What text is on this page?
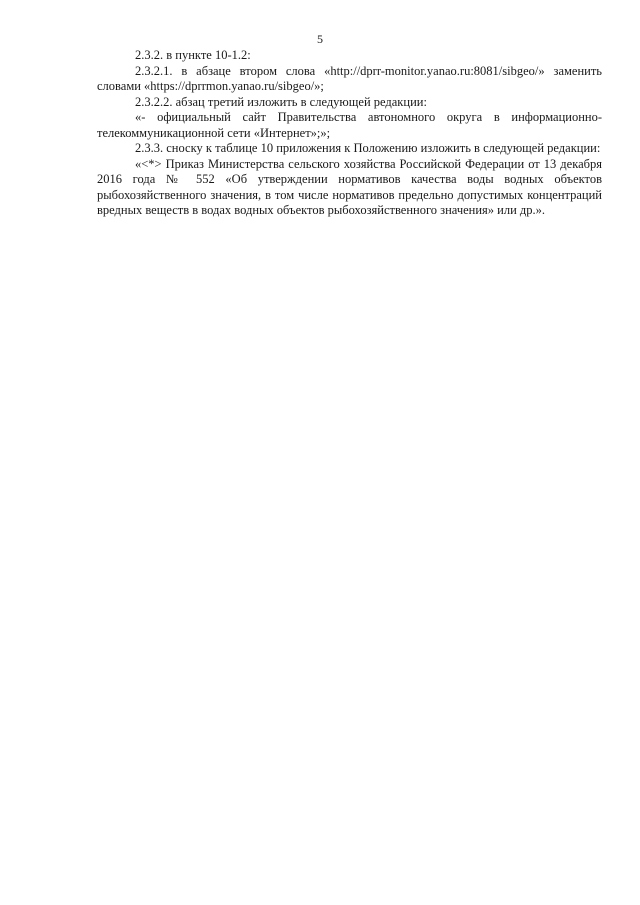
5

2.3.2. в пункте 10-1.2:

2.3.2.1. в абзаце втором слова «http://dprr-monitor.yanao.ru:8081/sibgeo/» заменить словами «https://dprrmon.yanao.ru/sibgeo/»;

2.3.2.2. абзац третий изложить в следующей редакции:

«- официальный сайт Правительства автономного округа в информационно-телекоммуникационной сети «Интернет»;»;

2.3.3. сноску к таблице 10 приложения к Положению изложить в следующей редакции:

«<*> Приказ Министерства сельского хозяйства Российской Федерации от 13 декабря 2016 года № 552 «Об утверждении нормативов качества воды водных объектов рыбохозяйственного значения, в том числе нормативов предельно допустимых концентраций вредных веществ в водах водных объектов рыбохозяйственного значения» или др.».
